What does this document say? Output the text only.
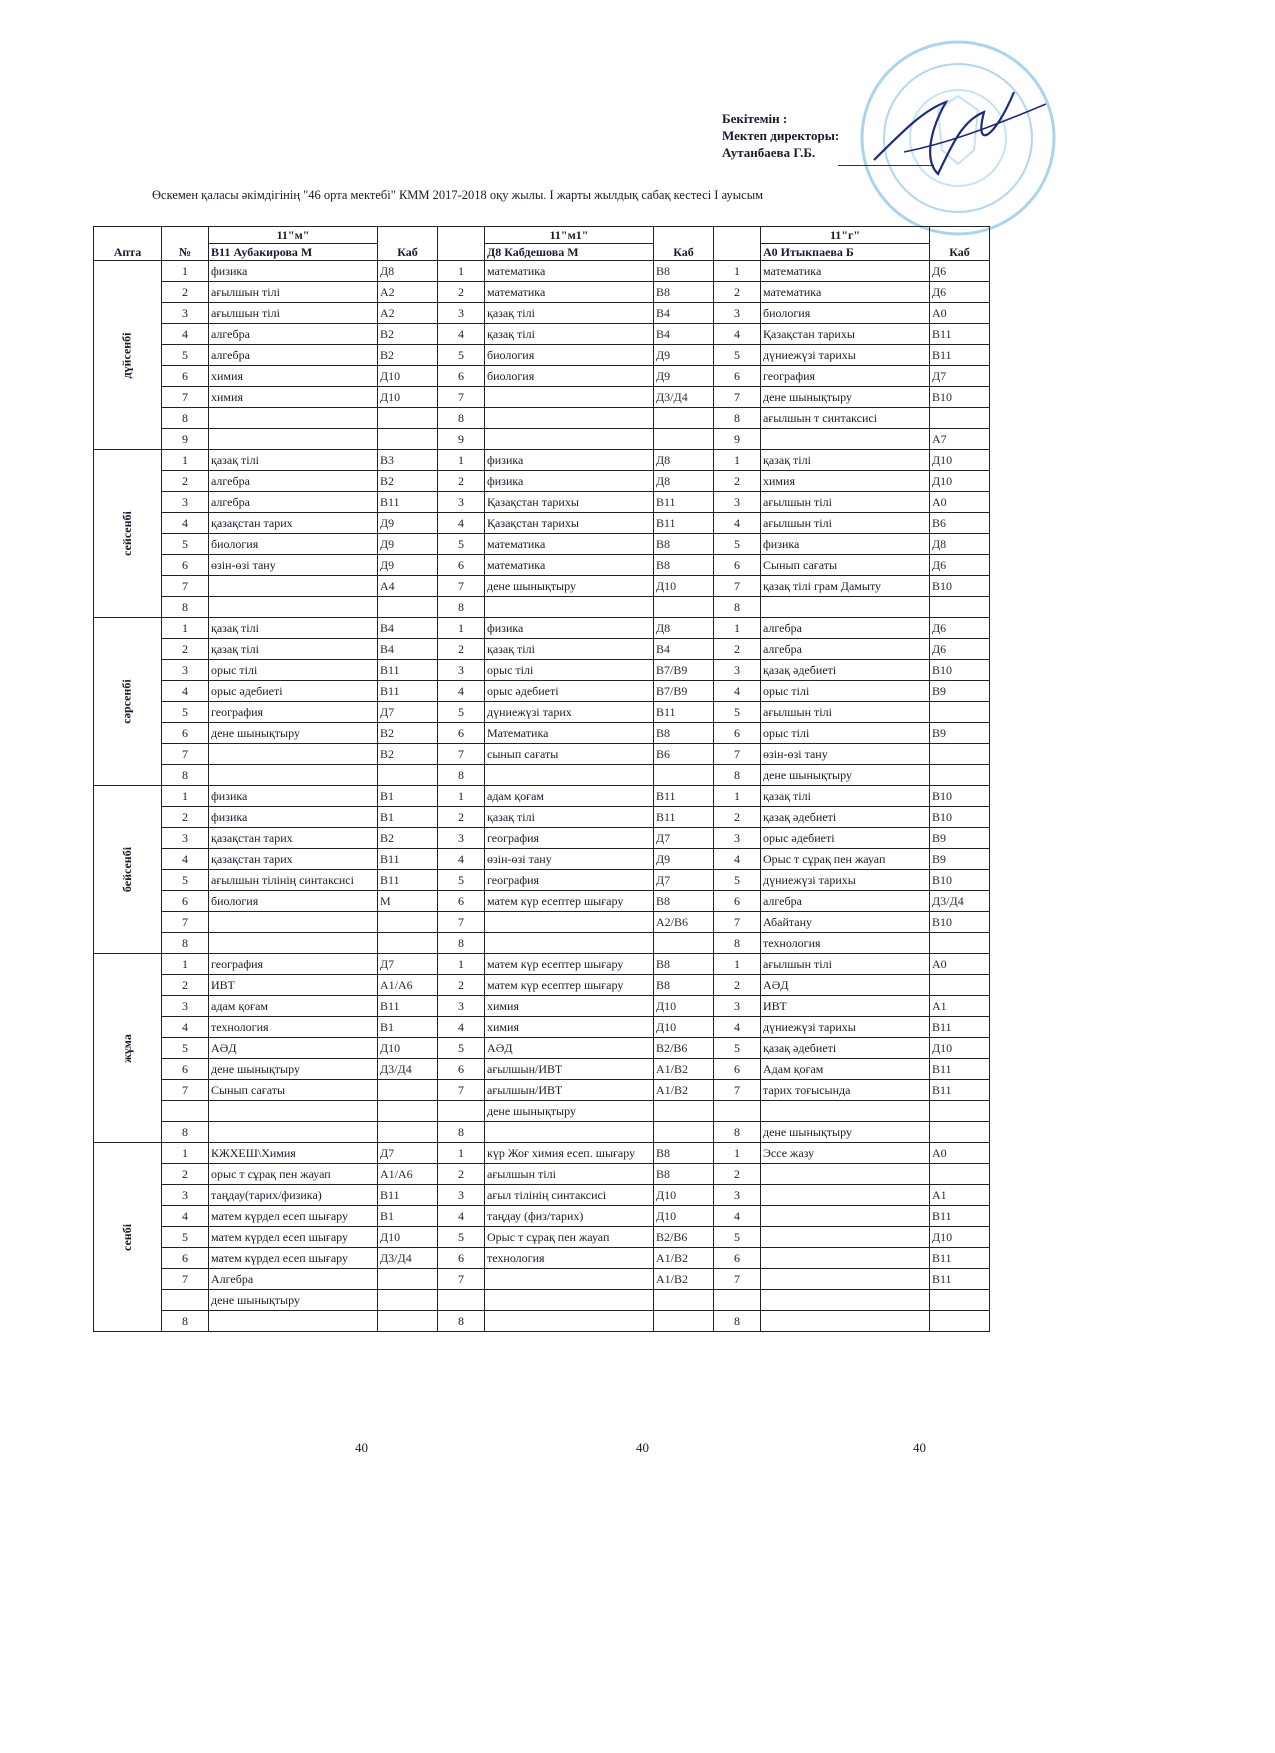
Бекітемін :
Мектеп директоры:
Аутанбаева Г.Б.
Өскемен қаласы әкімдігінің "46 орта мектебі" КММ 2017-2018 оқу жылы. I жарты жылдық сабақ кестесі I ауысым
Апта	№	11"м"	Каб		11"м1"	Каб		11"г"	Каб
		В11 Аубакирова М			Д8 Кабдешова М			А0 Итыкпаева Б	
дүйсенбі	1	физика	Д8	1	математика	В8	1	математика	Д6
	2	ағылшын тілі	А2	2	математика	В8	2	математика	Д6
	3	ағылшын тілі	А2	3	қазақ тілі	В4	3	биология	А0
	4	алгебра	В2	4	қазақ тілі	В4	4	Қазақстан тарихы	В11
	5	алгебра	В2	5	биология	Д9	5	дүниежүзі тарихы	В11
	6	химия	Д10	6	биология	Д9	6	география	Д7
	7	химия	Д10	7		Д3/Д4	7	дене шынықтыру	В10
	8			8			8	ағылшын т синтаксисі	
	9			9			9		А7
сейсенбі	1	қазақ тілі	В3	1	физика	Д8	1	қазақ тілі	Д10
	2	алгебра	В2	2	физика	Д8	2	химия	Д10
	3	алгебра	В11	3	Қазақстан тарихы	В11	3	ағылшын тілі	А0
	4	қазақстан тарих	Д9	4	Қазақстан тарихы	В11	4	ағылшын тілі	В6
	5	биология	Д9	5	математика	В8	5	физика	Д8
	6	өзін-өзі тану	Д9	6	математика	В8	6	Сынып сағаты	Д6
	7		А4	7	дене шынықтыру	Д10	7	қазақ тілі грам Дамыту	В10
	8			8			8		
сәрсенбі	1	қазақ тілі	В4	1	физика	Д8	1	алгебра	Д6
	2	қазақ тілі	В4	2	қазақ тілі	В4	2	алгебра	Д6
	3	орыс тілі	В11	3	орыс тілі	В7/В9	3	қазақ әдебиеті	В10
	4	орыс әдебиеті	В11	4	орыс әдебиеті	В7/В9	4	орыс тілі	В9
	5	география	Д7	5	дүниежүзі тарих	В11	5	ағылшын тілі	
	6	дене шынықтыру	В2	6	Математика	В8	6	орыс тілі	В9
	7		В2	7	сынып сағаты	В6	7	өзін-өзі тану	
	8			8			8	дене шынықтыру	
бейсенбі	1	физика	В1	1	адам қоғам	В11	1	қазақ тілі	В10
	2	физика	В1	2	қазақ тілі	В11	2	қазақ әдебиеті	В10
	3	қазақстан тарих	В2	3	география	Д7	3	орыс әдебиеті	В9
	4	қазақстан тарих	В11	4	өзін-өзі тану	Д9	4	Орыс т сұрақ пен жауап	В9
	5	ағылшын тілінің синтаксисі	В11	5	география	Д7	5	дүниежүзі тарихы	В10
	6	биология	М	6	матем күр есептер шығару	В8	6	алгебра	Д3/Д4
	7			7		А2/В6	7	Абайтану	В10
	8			8			8	технология	
жұма	1	география	Д7	1	матем күр есептер шығару	В8	1	ағылшын тілі	А0
	2	ИВТ	А1/А6	2	матем күр есептер шығару	В8	2	АӘД	
	3	адам қоғам	В11	3	химия	Д10	3	ИВТ	А1
	4	технология	В1	4	химия	Д10	4	дүниежүзі тарихы	В11
	5	АӘД	Д10	5	АӘД	В2/В6	5	қазақ әдебиеті	Д10
	6	дене шынықтыру	Д3/Д4	6	ағылшын/ИВТ	А1/В2	6	Адам қоғам	В11
	7	Сынып сағаты		7	ағылшын/ИВТ	А1/В2	7	тарих тоғысында	В11
					дене шынықтыру				
	8			8			8	дене шынықтыру	
сенбі	1	КЖХЕШ\Химия	Д7	1	күр Жоғ химия есеп. шығару	В8	1	Эссе жазу	А0
	2	орыс т сұрақ пен жауап	А1/А6	2	ағылшын тілі	В8	2		
	3	таңдау(тарих/физика)	В11	3	ағыл тілінің синтаксисі	Д10	3		А1
	4	матем күрдел есеп шығару	В1	4	таңдау (физ/тарих)	Д10	4		В11
	5	матем күрдел есеп шығару	Д10	5	Орыс т сұрақ пен жауап	В2/В6	5		Д10
	6	матем күрдел есеп шығару	Д3/Д4	6	технология	А1/В2	6		В11
	7	Алгебра		7		А1/В2	7		В11
		дене шынықтыру							
	8			8			8		
40	40	40
